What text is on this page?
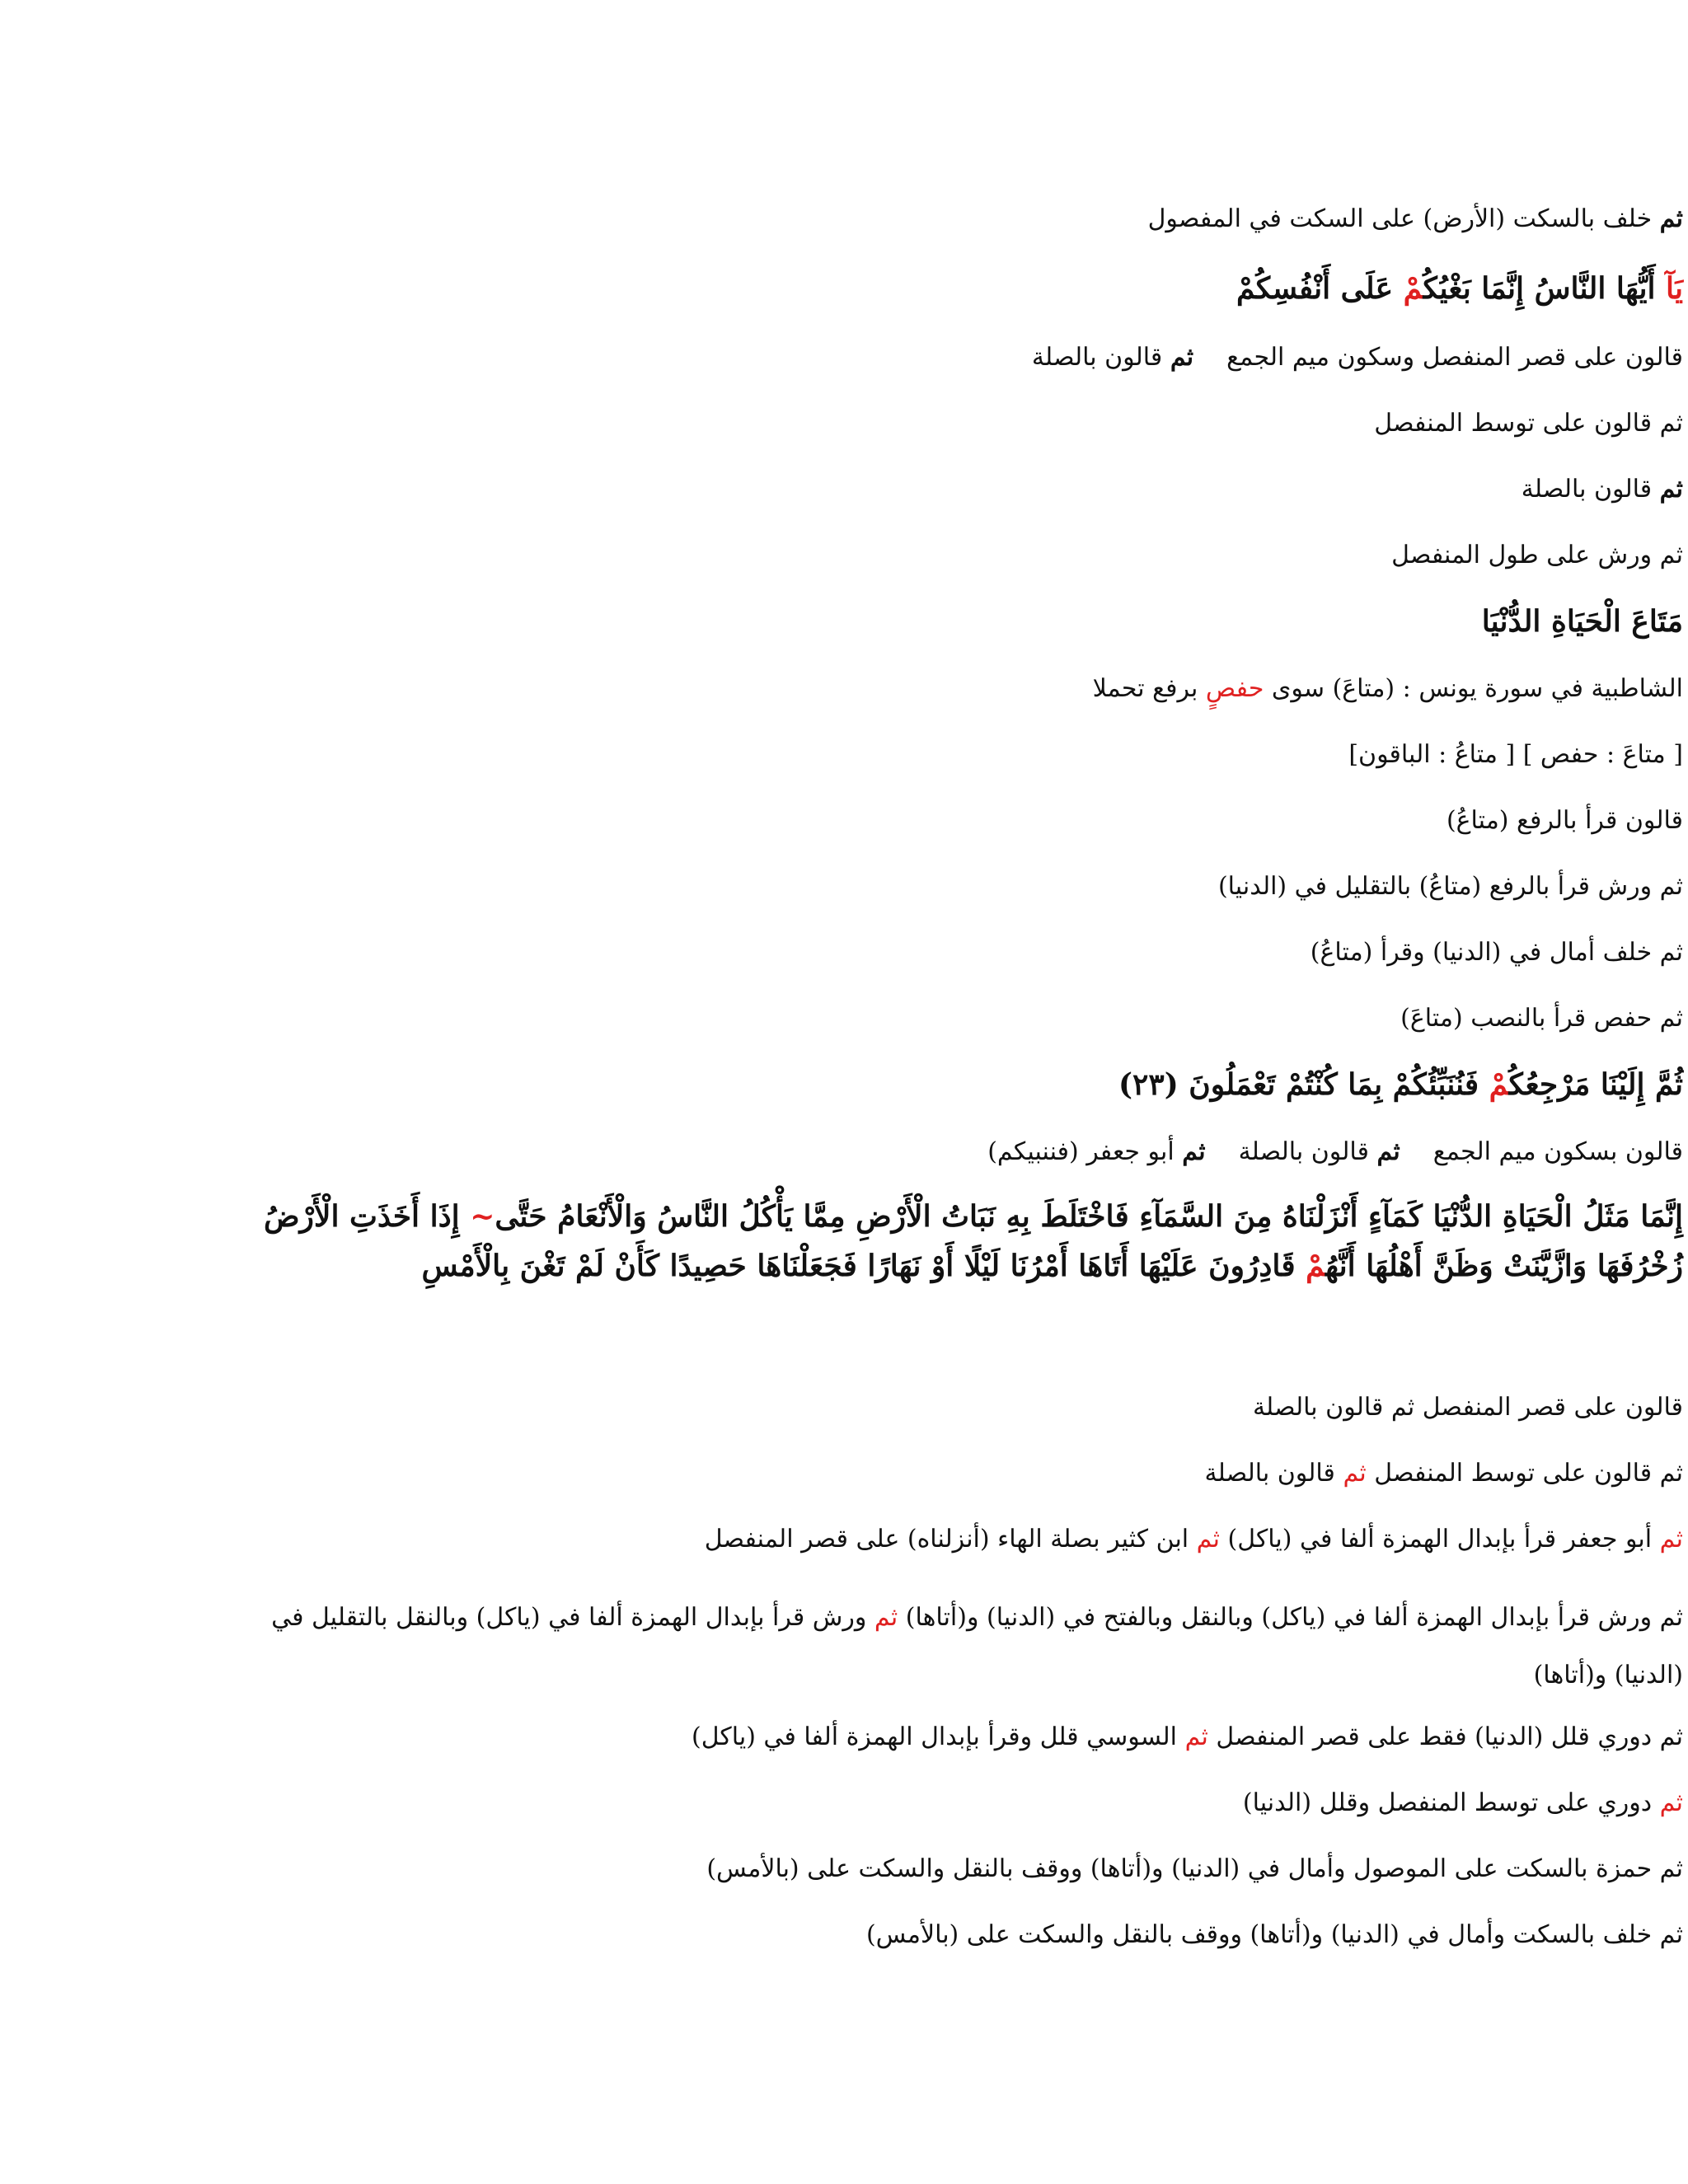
ثم خلف بالسكت (الأرض) على السكت في المفصول
يَآ أَيُّهَا النَّاسُ إِنَّمَا بَغْيُكُمْ عَلَى أَنْفُسِكُمْ
قالون على قصر المنفصل وسكون ميم الجمعثم قالون بالصلة
ثم قالون على توسط المنفصل
ثم قالون بالصلة
ثم ورش على طول المنفصل
مَتَاعَ الْحَيَاةِ الدُّنْيَا
الشاطبية في سورة يونس : (متاعَ) سوى حفصٍ برفع تحملا
[ متاعَ : حفص ] [ متاعُ : الباقون]
قالون قرأ بالرفع (متاعُ)
ثم ورش قرأ بالرفع (متاعُ) بالتقليل في (الدنيا)
ثم خلف أمال في (الدنيا) وقرأ (متاعُ)
ثم حفص قرأ بالنصب (متاعَ)
ثُمَّ إِلَيْنَا مَرْجِعُكُمْ فَنُنَبِّئُكُمْ بِمَا كُنْتُمْ تَعْمَلُونَ (٢٣)
قالون بسكون ميم الجمعثم قالون بالصلةثم أبو جعفر (فننبيكم)
إِنَّمَا مَثَلُ الْحَيَاةِ الدُّنْيَا كَمَآءٍ أَنْزَلْنَاهُ مِنَ السَّمَآءِ فَاخْتَلَطَ بِهِ نَبَاتُ الْأَرْضِ مِمَّا يَأْكُلُ النَّاسُ وَالْأَنْعَامُ حَتَّى~ إِذَا أَخَذَتِ الْأَرْضُ زُخْرُفَهَا وَازَّيَّنَتْ وَظَنَّ أَهْلُهَا أَنَّهُمْ قَادِرُونَ عَلَيْهَا أَتَاهَا أَمْرُنَا لَيْلًا أَوْ نَهَارًا فَجَعَلْنَاهَا حَصِيدًا كَأَنْ لَمْ تَغْنَ بِالْأَمْسِ
قالون على قصر المنفصل ثم قالون بالصلة
ثم قالون على توسط المنفصل ثم قالون بالصلة
ثم أبو جعفر قرأ بإبدال الهمزة ألفا في (ياكل) ثم ابن كثير بصلة الهاء (أنزلناه) على قصر المنفصل
ثم ورش قرأ بإبدال الهمزة ألفا في (ياكل) وبالنقل وبالفتح في (الدنيا) و(أتاها) ثم ورش قرأ بإبدال الهمزة ألفا في (ياكل) وبالنقل بالتقليل في (الدنيا) و(أتاها)
ثم دوري قلل (الدنيا) فقط على قصر المنفصل ثم السوسي قلل وقرأ بإبدال الهمزة ألفا في (ياكل)
ثم دوري على توسط المنفصل وقلل (الدنيا)
ثم حمزة بالسكت على الموصول وأمال في (الدنيا) و(أتاها) ووقف بالنقل والسكت على (بالأمس)
ثم خلف بالسكت وأمال في (الدنيا) و(أتاها) ووقف بالنقل والسكت على (بالأمس)
